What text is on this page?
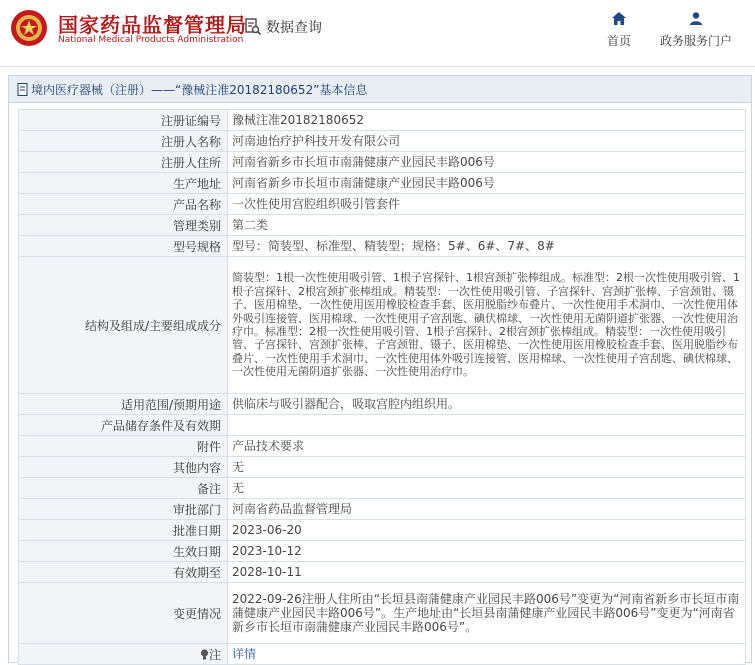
国家药品监督管理局
National Medical Products Administration
数据查询
首页 政务服务门户
境内医疗器械（注册）——“豫械注准20182180652”基本信息
注册证编号	豫械注准20182180652
注册人名称	河南迪怡疗护科技开发有限公司
注册人住所	河南省新乡市长垣市南蒲健康产业园民丰路006号
生产地址	河南省新乡市长垣市南蒲健康产业园民丰路006号
产品名称	一次性使用宫腔组织吸引管套件
管理类别	第二类
型号规格	型号：简装型、标准型、精装型；规格：5#、6#、7#、8#
结构及组成/主要组成成分	简装型：1根一次性使用吸引管、1根子宫探针、1根宫颈扩张棒组成。标准型：2根一次性使用吸引管、1根子宫探针、2根宫颈扩张棒组成。精装型：一次性使用吸引管、子宫探针、宫颈扩张棒、子宫颈钳、镊子、医用棉垫、一次性使用医用橡胶检查手套、医用脱脂纱布叠片、一次性使用手术洞巾、一次性使用体外吸引连接管、医用棉球、一次性使用子宫刮匙、碘伏棉球、一次性使用无菌阴道扩张器、一次性使用治疗巾。标准型：2根一次性使用吸引管、1根子宫探针、2根宫颈扩张棒组成。精装型：一次性使用吸引管、子宫探针、宫颈扩张棒、子宫颈钳、镊子、医用棉垫、一次性使用医用橡胶检查手套、医用脱脂纱布叠片、一次性使用手术洞巾、一次性使用体外吸引连接管、医用棉球、一次性使用子宫刮匙、碘伏棉球、一次性使用无菌阴道扩张器、一次性使用治疗巾。
适用范围/预期用途	供临床与吸引器配合，吸取宫腔内组织用。
产品储存条件及有效期	
附件	产品技术要求
其他内容	无
备注	无
审批部门	河南省药品监督管理局
批准日期	2023-06-20
生效日期	2023-10-12
有效期至	2028-10-11
变更情况	2022-09-26注册人住所由“长垣县南蒲健康产业园民丰路006号”变更为“河南省新乡市长垣市南蒲健康产业园民丰路006号”。生产地址由“长垣县南蒲健康产业园民丰路006号”变更为“河南省新乡市长垣市南蒲健康产业园民丰路006号”。
注	详情
